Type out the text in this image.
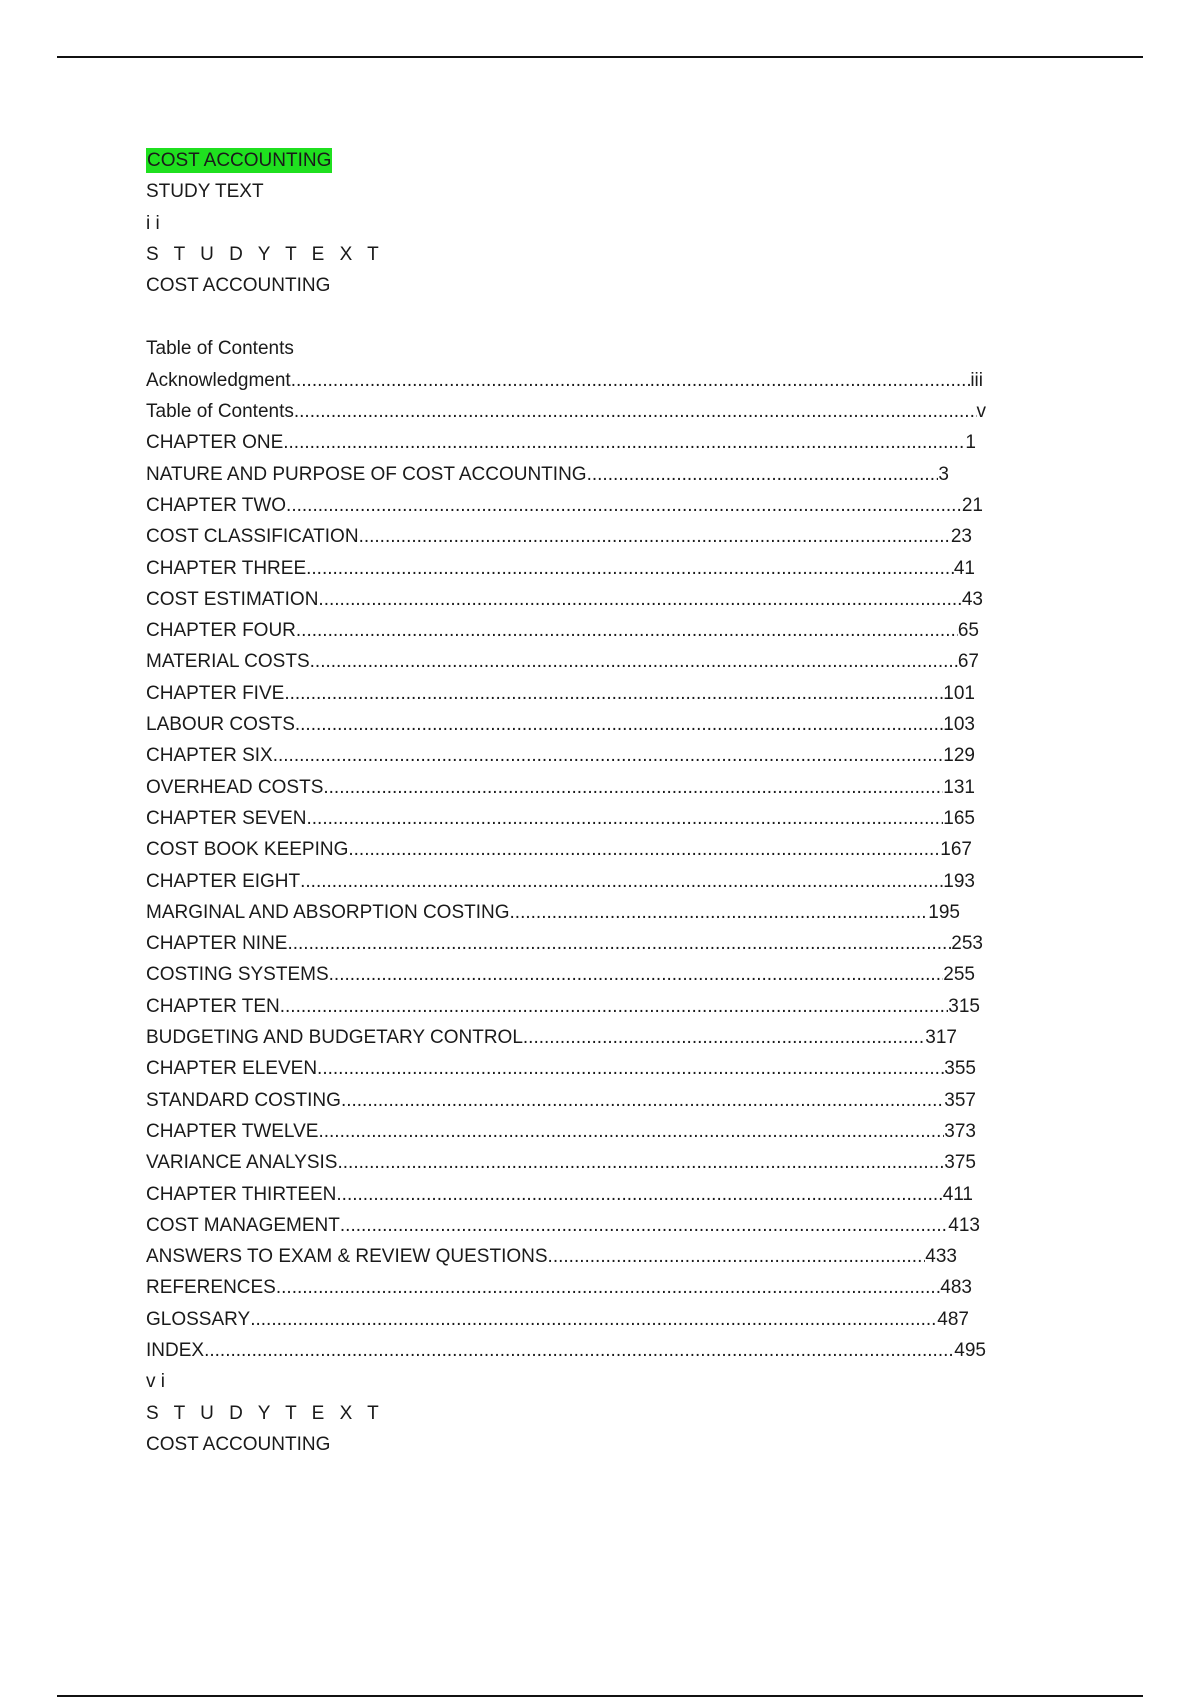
COST ACCOUNTING
STUDY TEXT
i i
S T U D Y T E X T
COST ACCOUNTING
Table of Contents
Acknowledgment .....	iii
Table of Contents .....	v
CHAPTER ONE .....	1
NATURE AND PURPOSE OF COST ACCOUNTING .....	3
CHAPTER TWO .....	21
COST CLASSIFICATION .....	23
CHAPTER THREE .....	41
COST ESTIMATION .....	43
CHAPTER FOUR .....	65
MATERIAL COSTS .....	67
CHAPTER FIVE .....	101
LABOUR COSTS .....	103
CHAPTER SIX .....	129
OVERHEAD COSTS .....	131
CHAPTER SEVEN .....	165
COST BOOK KEEPING .....	167
CHAPTER EIGHT .....	193
MARGINAL AND ABSORPTION COSTING .....	195
CHAPTER NINE .....	253
COSTING SYSTEMS .....	255
CHAPTER TEN .....	315
BUDGETING AND BUDGETARY CONTROL .....	317
CHAPTER ELEVEN .....	355
STANDARD COSTING .....	357
CHAPTER TWELVE .....	373
VARIANCE ANALYSIS .....	375
CHAPTER THIRTEEN .....	411
COST MANAGEMENT .....	413
ANSWERS TO EXAM & REVIEW QUESTIONS .....	433
REFERENCES .....	483
GLOSSARY .....	487
INDEX .....	495
v i
S T U D Y T E X T
COST ACCOUNTING
